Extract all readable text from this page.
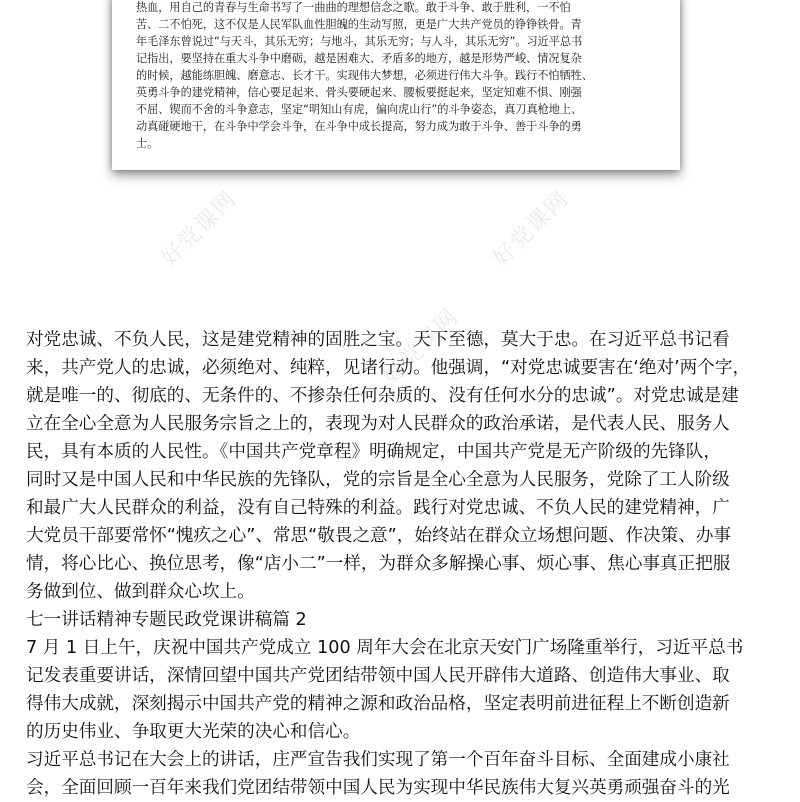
热血，用自己的青春与生命书写了一曲曲的理想信念之歌。敢于斗争、敢于胜利，一不怕
苦、二不怕死，这不仅是人民军队血性胆魄的生动写照，更是广大共产党员的铮铮铁骨。青
年毛泽东曾说过“与天斗，其乐无穷；与地斗，其乐无穷；与人斗，其乐无穷”。习近平总书
记指出，要坚持在重大斗争中磨砺，越是困难大、矛盾多的地方，越是形势严峻、情况复杂
的时候，越能练胆魄、磨意志、长才干。实现伟大梦想，必须进行伟大斗争。践行不怕牺牲、
英勇斗争的建党精神，信心要足起来、骨头要硬起来、腰板要挺起来，坚定知难不惧、刚强
不屈、锲而不舍的斗争意志，坚定“明知山有虎，偏向虎山行”的斗争姿态，真刀真枪地上、
动真碰硬地干，在斗争中学会斗争，在斗争中成长提高，努力成为敢于斗争、善于斗争的勇
士。
好党课网	好党课网
好党课网
对党忠诚、不负人民，这是建党精神的固胜之宝。天下至德，莫大于忠。在习近平总书记看
来，共产党人的忠诚，必须绝对、纯粹，见诸行动。他强调，“对党忠诚要害在‘绝对’两个字，
就是唯一的、彻底的、无条件的、不掺杂任何杂质的、没有任何水分的忠诚”。对党忠诚是建
立在全心全意为人民服务宗旨之上的，表现为对人民群众的政治承诺，是代表人民、服务人
民，具有本质的人民性。《中国共产党章程》明确规定，中国共产党是无产阶级的先锋队，
同时又是中国人民和中华民族的先锋队，党的宗旨是全心全意为人民服务，党除了工人阶级
和最广大人民群众的利益，没有自己特殊的利益。践行对党忠诚、不负人民的建党精神，广
大党员干部要常怀“愧疚之心”、常思“敬畏之意”，始终站在群众立场想问题、作决策、办事
情，将心比心、换位思考，像“店小二”一样，为群众多解操心事、烦心事、焦心事真正把服
务做到位、做到群众心坎上。
七一讲话精神专题民政党课讲稿篇 2
7 月 1 日上午，庆祝中国共产党成立 100 周年大会在北京天安门广场隆重举行，习近平总书
记发表重要讲话，深情回望中国共产党团结带领中国人民开辟伟大道路、创造伟大事业、取
得伟大成就，深刻揭示中国共产党的精神之源和政治品格，坚定表明前进征程上不断创造新
的历史伟业、争取更大光荣的决心和信心。
习近平总书记在大会上的讲话，庄严宣告我们实现了第一个百年奋斗目标、全面建成小康社
会，全面回顾一百年来我们党团结带领中国人民为实现中华民族伟大复兴英勇顽强奋斗的光
